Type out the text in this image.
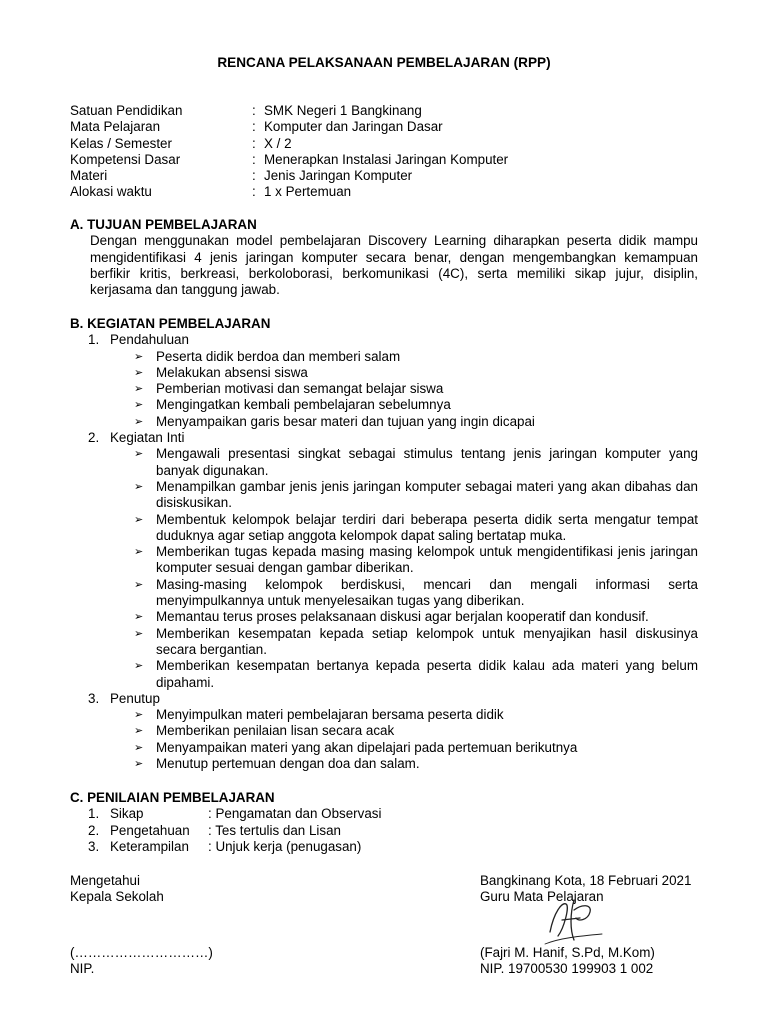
RENCANA PELAKSANAAN PEMBELAJARAN (RPP)
Satuan Pendidikan	: SMK Negeri 1 Bangkinang
Mata Pelajaran	: Komputer dan Jaringan Dasar
Kelas / Semester	: X / 2
Kompetensi Dasar	: Menerapkan Instalasi Jaringan Komputer
Materi	: Jenis Jaringan Komputer
Alokasi waktu	: 1 x Pertemuan
A. TUJUAN PEMBELAJARAN
Dengan menggunakan model pembelajaran Discovery Learning diharapkan peserta didik mampu mengidentifikasi 4 jenis jaringan komputer secara benar, dengan mengembangkan kemampuan berfikir kritis, berkreasi, berkoloborasi, berkomunikasi (4C), serta memiliki sikap jujur, disiplin, kerjasama dan tanggung jawab.
B. KEGIATAN PEMBELAJARAN
1. Pendahuluan
➢ Peserta didik berdoa dan memberi salam
➢ Melakukan absensi siswa
➢ Pemberian motivasi dan semangat belajar siswa
➢ Mengingatkan kembali pembelajaran sebelumnya
➢ Menyampaikan garis besar materi dan tujuan yang ingin dicapai
2. Kegiatan Inti
➢ Mengawali presentasi singkat sebagai stimulus tentang jenis jaringan komputer yang banyak digunakan.
➢ Menampilkan gambar jenis jenis jaringan komputer sebagai materi yang akan dibahas dan disiskusikan.
➢ Membentuk kelompok belajar terdiri dari beberapa peserta didik serta mengatur tempat duduknya agar setiap anggota kelompok dapat saling bertatap muka.
➢ Memberikan tugas kepada masing masing kelompok untuk mengidentifikasi jenis jaringan komputer sesuai dengan gambar diberikan.
➢ Masing-masing kelompok berdiskusi, mencari dan mengali informasi serta menyimpulkannya untuk menyelesaikan tugas yang diberikan.
➢ Memantau terus proses pelaksanaan diskusi agar berjalan kooperatif dan kondusif.
➢ Memberikan kesempatan kepada setiap kelompok untuk menyajikan hasil diskusinya secara bergantian.
➢ Memberikan kesempatan bertanya kepada peserta didik kalau ada materi yang belum dipahami.
3. Penutup
➢ Menyimpulkan materi pembelajaran bersama peserta didik
➢ Memberikan penilaian lisan secara acak
➢ Menyampaikan materi yang akan dipelajari pada pertemuan berikutnya
➢ Menutup pertemuan dengan doa dan salam.
C. PENILAIAN PEMBELAJARAN
1. Sikap	: Pengamatan dan Observasi
2. Pengetahuan	: Tes tertulis dan Lisan
3. Keterampilan	: Unjuk kerja (penugasan)
Mengetahui
Kepala Sekolah
(…………………………)
NIP.
Bangkinang Kota, 18 Februari 2021
Guru Mata Pelajaran
(Fajri M. Hanif, S.Pd, M.Kom)
NIP. 19700530 199903 1 002
